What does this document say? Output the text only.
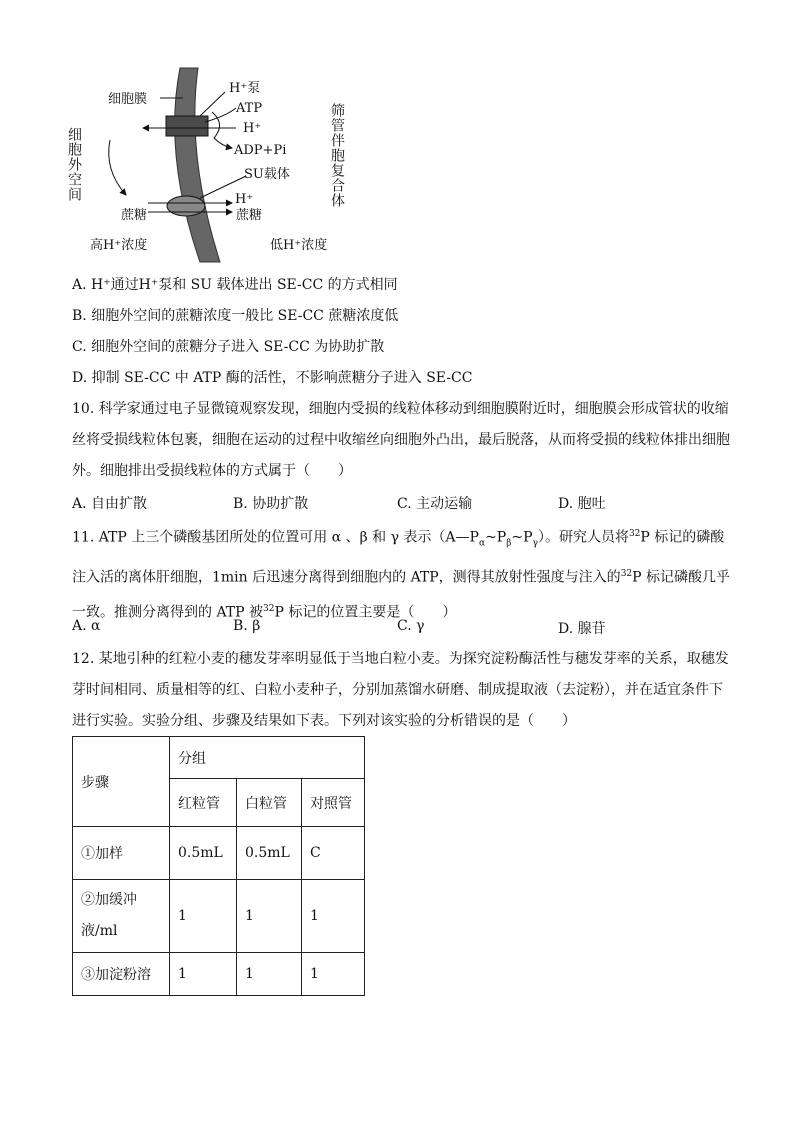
细胞膜
H⁺泵
ATP
H⁺
ADP+Pi
SU载体
H⁺
蔗糖	蔗糖
高H⁺浓度	低H⁺浓度
细胞外空间	筛管伴胞复合体
A. H⁺通过H⁺泵和 SU 载体进出 SE-CC 的方式相同
B. 细胞外空间的蔗糖浓度一般比 SE-CC 蔗糖浓度低
C. 细胞外空间的蔗糖分子进入 SE-CC 为协助扩散
D. 抑制 SE-CC 中 ATP 酶的活性，不影响蔗糖分子进入 SE-CC
10. 科学家通过电子显微镜观察发现，细胞内受损的线粒体移动到细胞膜附近时，细胞膜会形成管状的收缩丝将受损线粒体包裹，细胞在运动的过程中收缩丝向细胞外凸出，最后脱落，从而将受损的线粒体排出细胞外。细胞排出受损线粒体的方式属于（　　）
A. 自由扩散	B. 协助扩散	C. 主动运输	D. 胞吐
11. ATP 上三个磷酸基团所处的位置可用 α 、β 和 γ 表示$(A—P_\alpha\sim P_\beta\sim P_\gamma)$。研究人员将$^{32}$P 标记的磷酸注入活的离体肝细胞，1min 后迅速分离得到细胞内的 ATP，测得其放射性强度与注入的$^{32}$P 标记磷酸几乎一致。推测分离得到的 ATP 被$^{32}$P 标记的位置主要是（　　）
A. α	B. β	C. γ	D. 腺苷
12. 某地引种的红粒小麦的穗发芽率明显低于当地白粒小麦。为探究淀粉酶活性与穗发芽率的关系，取穗发芽时间相同、质量相等的红、白粒小麦种子，分别加蒸馏水研磨、制成提取液（去淀粉），并在适宜条件下进行实验。实验分组、步骤及结果如下表。下列对该实验的分析错误的是（　　）
步骤	分组		
	红粒管	白粒管	对照管
①加样	0.5mL	0.5mL	C
②加缓冲液/ml	1	1	1
③加淀粉溶	1	1	1
